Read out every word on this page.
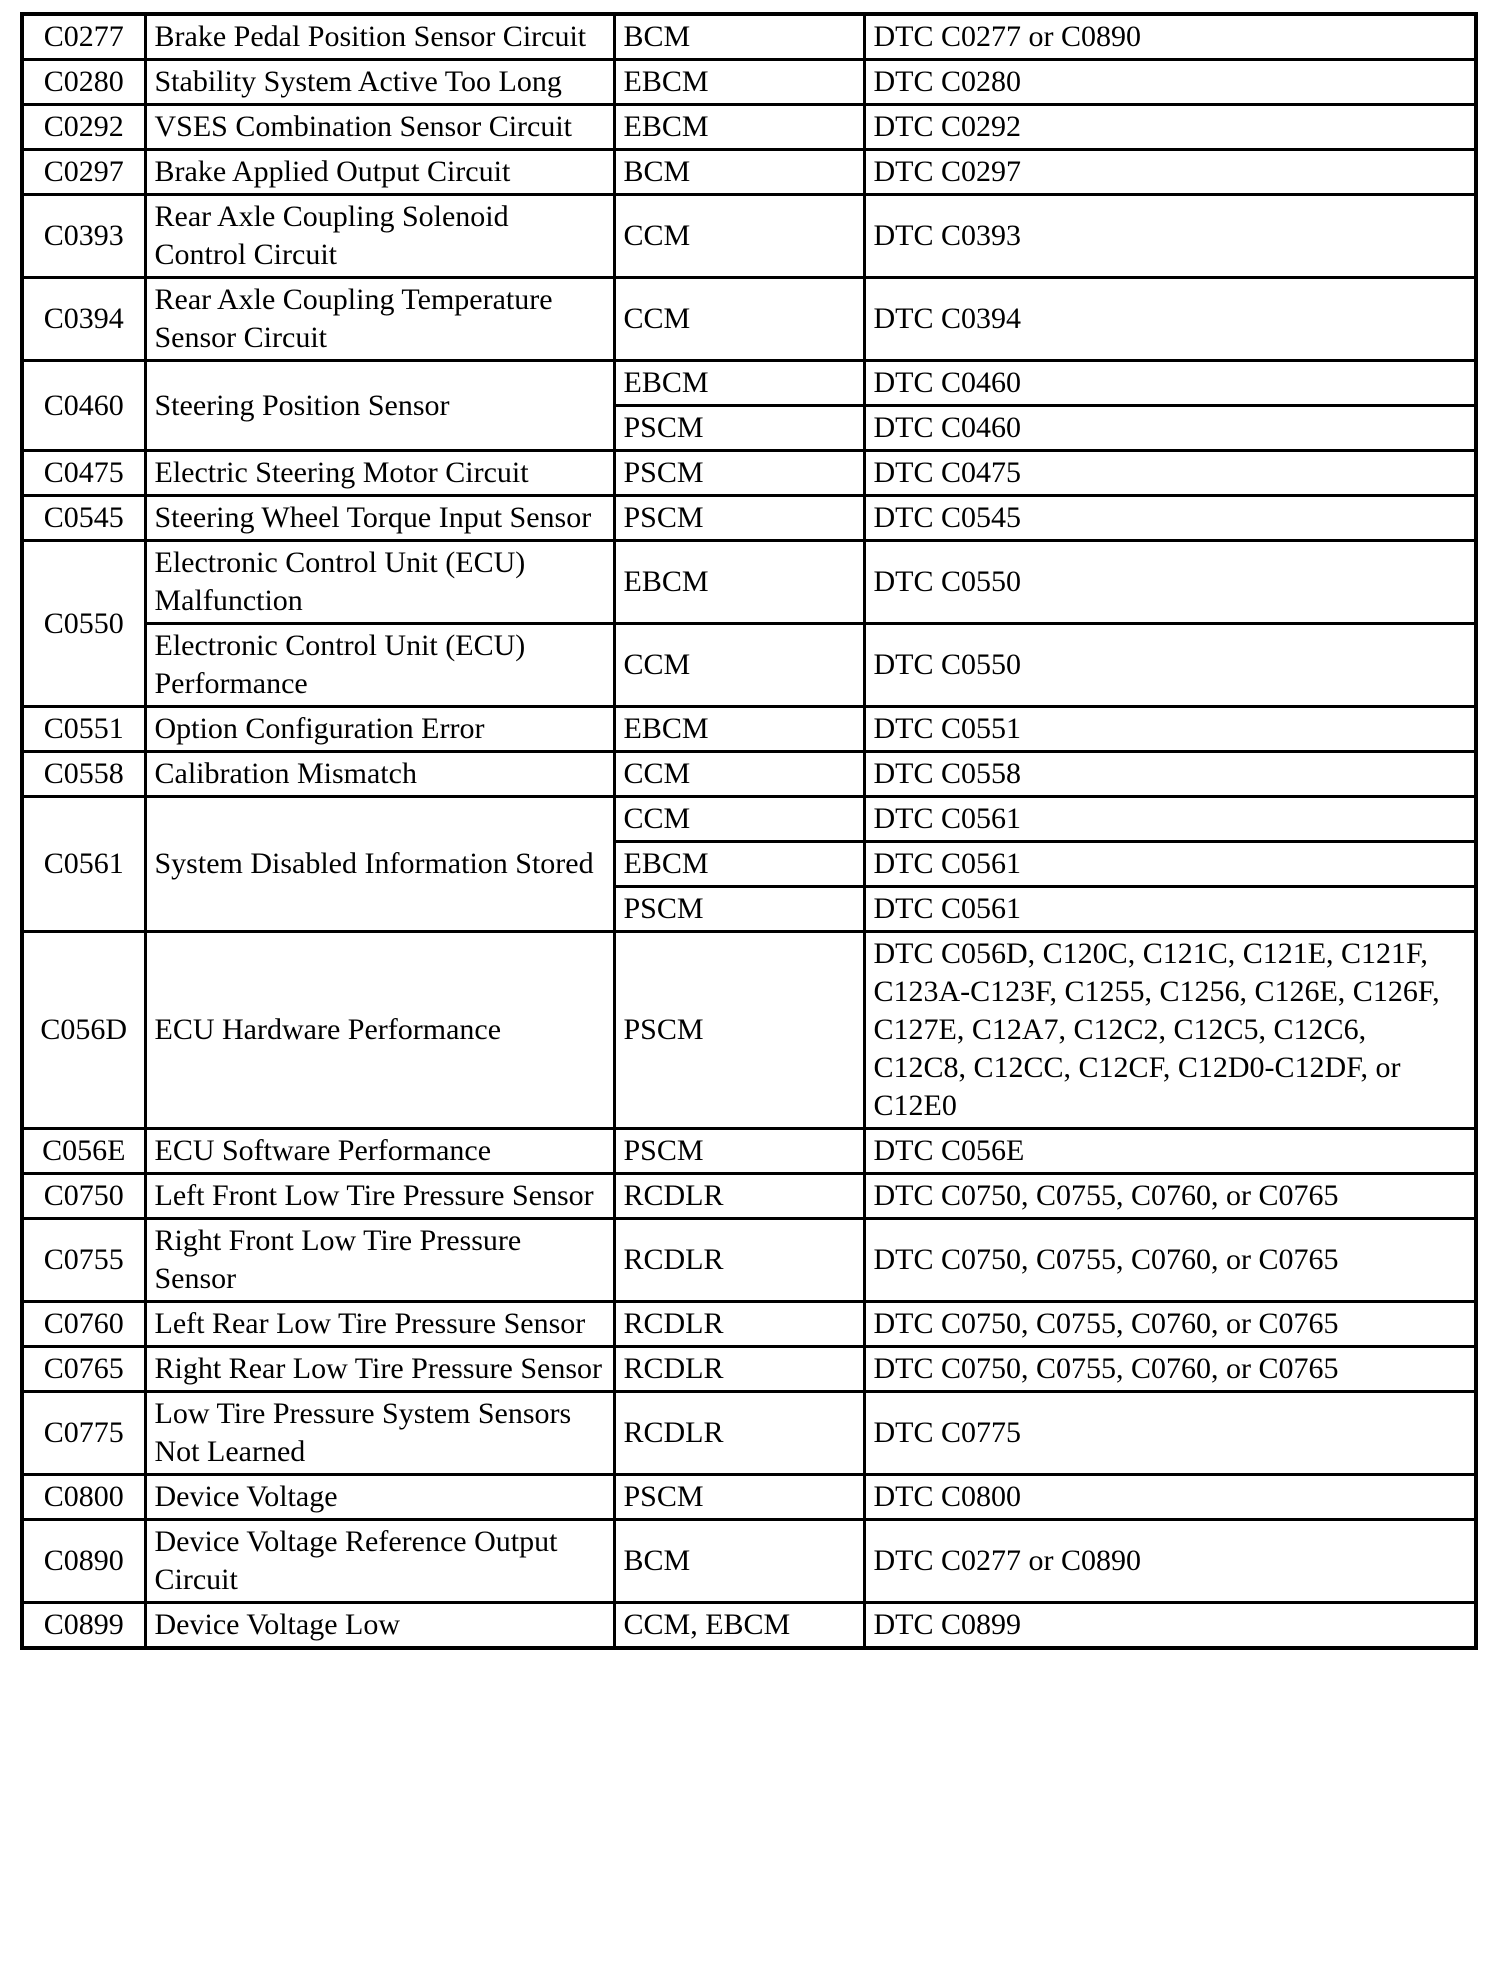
C0277	Brake Pedal Position Sensor Circuit	BCM	DTC C0277 or C0890
C0280	Stability System Active Too Long	EBCM	DTC C0280
C0292	VSES Combination Sensor Circuit	EBCM	DTC C0292
C0297	Brake Applied Output Circuit	BCM	DTC C0297
C0393	Rear Axle Coupling Solenoid Control Circuit	CCM	DTC C0393
C0394	Rear Axle Coupling Temperature Sensor Circuit	CCM	DTC C0394
C0460	Steering Position Sensor	EBCM	DTC C0460
		PSCM	DTC C0460
C0475	Electric Steering Motor Circuit	PSCM	DTC C0475
C0545	Steering Wheel Torque Input Sensor	PSCM	DTC C0545
C0550	Electronic Control Unit (ECU) Malfunction	EBCM	DTC C0550
	Electronic Control Unit (ECU) Performance	CCM	DTC C0550
C0551	Option Configuration Error	EBCM	DTC C0551
C0558	Calibration Mismatch	CCM	DTC C0558
C0561	System Disabled Information Stored	CCM	DTC C0561
		EBCM	DTC C0561
		PSCM	DTC C0561
C056D	ECU Hardware Performance	PSCM	DTC C056D, C120C, C121C, C121E, C121F, C123A-C123F, C1255, C1256, C126E, C126F, C127E, C12A7, C12C2, C12C5, C12C6, C12C8, C12CC, C12CF, C12D0-C12DF, or C12E0
C056E	ECU Software Performance	PSCM	DTC C056E
C0750	Left Front Low Tire Pressure Sensor	RCDLR	DTC C0750, C0755, C0760, or C0765
C0755	Right Front Low Tire Pressure Sensor	RCDLR	DTC C0750, C0755, C0760, or C0765
C0760	Left Rear Low Tire Pressure Sensor	RCDLR	DTC C0750, C0755, C0760, or C0765
C0765	Right Rear Low Tire Pressure Sensor	RCDLR	DTC C0750, C0755, C0760, or C0765
C0775	Low Tire Pressure System Sensors Not Learned	RCDLR	DTC C0775
C0800	Device Voltage	PSCM	DTC C0800
C0890	Device Voltage Reference Output Circuit	BCM	DTC C0277 or C0890
C0899	Device Voltage Low	CCM, EBCM	DTC C0899
